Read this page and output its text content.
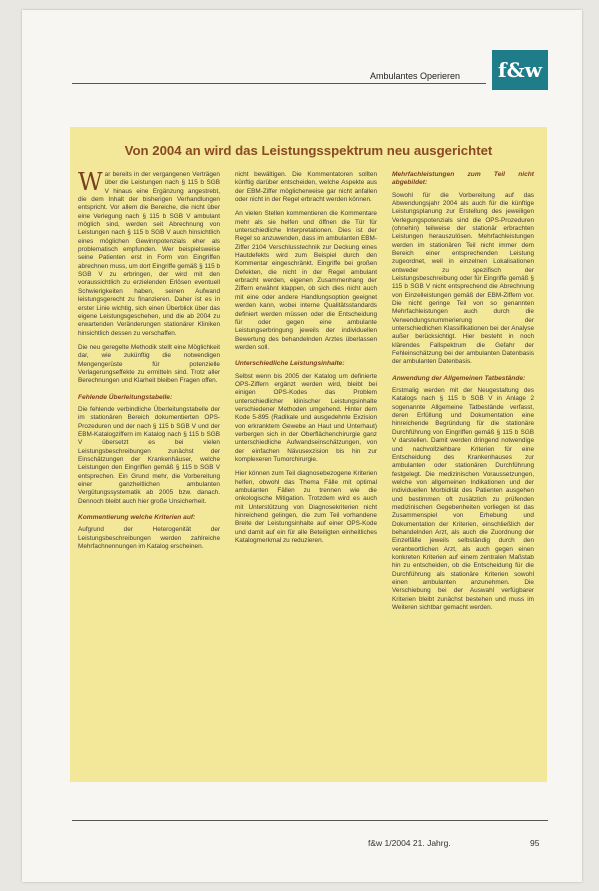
Ambulantes Operieren	f&w
Von 2004 an wird das Leistungsspektrum neu ausgerichtet

War bereits in der vergangenen Verträgen über die Leistungen nach § 115 b SGB V hinaus eine Ergänzung angestrebt, die dem Inhalt der bisherigen Verhandlungen entspricht. Vor allem die Bereiche, die nicht über eine Verlegung nach § 115 b SGB V ambulant möglich sind, werden seit Abrechnung von Leistungen nach § 115 b SGB V auch hinsichtlich eines möglichen Gewinnpotenzials eher als problematisch empfunden. Wer beispielsweise seine Patienten erst in Form von Eingriffen abrechnen muss, um dort Eingriffe gemäß § 115 b SGB V zu erbringen, der wird mit den voraussichtlich zu erzielenden Erlösen eventuell Schwierigkeiten haben, seinen Aufwand leistungsgerecht zu finanzieren. Daher ist es in erster Linie wichtig, sich einen Überblick über das eigene Leistungsgeschehen, und die ab 2004 zu erwartenden Veränderungen stationärer Kliniken hinsichtlich dessen zu verschaffen.

Die neu geregelte Methodik stellt eine Möglichkeit dar, wie zukünftig die notwendigen Mengengerüste für potenzielle Verlagerungseffekte zu ermitteln sind. Trotz aller Berechnungen und Klarheit bleiben Fragen offen.

Fehlende Überleitungstabelle:

Die fehlende verbindliche Überleitungstabelle der im stationären Bereich dokumentierten OPS-Prozeduren und der nach § 115 b SGB V und der EBM-Katalogziffern im Katalog nach § 115 b SGB V übersetzt es bei vielen Leistungsbeschreibungen zunächst der Einschätzungen der Krankenhäuser, welche Leistungen den Eingriffen gemäß § 115 b SGB V entsprechen. Ein Grund mehr, die Vorbereitung einer ganzheitlichen ambulanten Vergütungssystematik ab 2005 bzw. danach. Dennoch bleibt auch hier große Unsicherheit.

Kommentierung welche Kriterien auf:

Aufgrund der Heterogenität der Leistungsbeschreibungen werden zahlreiche Mehrfachnennungen im Katalog erscheinen.

nicht bewältigen. Die Kommentatoren sollten künftig darüber entscheiden, welche Aspekte aus der EBM-Ziffer möglicherweise gar nicht anfallen oder nicht in der Regel erbracht werden können.

An vielen Stellen kommentieren die Kommentare mehr als sie helfen und öffnen die Tür für unterschiedliche Interpretationen. Dies ist der Regel so anzuwenden, dass im ambulanten EBM-Ziffer 2104 Verschlusstechnik zur Deckung eines Hautdefekts wird zum Beispiel durch den Kommentar eingeschränkt. Eingriffe bei großen Defekten, die nicht in der Regel ambulant erbracht werden, eigenen Zusammenhang der Ziffern erwähnt klappen, ob sich dies nicht auch mit eine oder andere Handlungsoption geeignet werden kann, wobei interne Qualitätsstandards definiert werden müssen oder die Entscheidung für oder gegen eine ambulante Leistungserbringung jeweils der individuellen Bewertung des behandelnden Arztes überlassen werden soll.

Unterschiedliche Leistungsinhalte:

Selbst wenn bis 2005 der Katalog um definierte OPS-Ziffern ergänzt werden wird, bleibt bei einigen OPS-Kodes das Problem unterschiedlicher klinischer Leistungsinhalte verschiedener Methoden umgehend. Hinter dem Kode 5-895 (Radikale und ausgedehnte Exzision von erkranktem Gewebe an Haut und Unterhaut) verbergen sich in der Oberflächenchirurgie ganz unterschiedliche Aufwandseinschätzungen, von der einfachen Nävusexzision bis hin zur komplexeren Tumorchirurgie.

Hier können zum Teil diagnosebezogene Kriterien helfen, obwohl das Thema Fälle mit optimal ambulanten Fällen zu trennen wie die onkologische Mitigation. Trotzdem wird es auch mit Unterstützung von Diagnosekriterien nicht hinreichend gelingen, die zum Teil vorhandene Breite der Leistungsinhalte auf einer OPS-Kode und damit auf ein für alle Beteiligten einheitliches Katalogmerkmal zu reduzieren.

Mehrfachleistungen zum Teil nicht abgebildet:

Sowohl für die Vorbereitung auf das Abwendungsjahr 2004 als auch für die künftige Leistungsplanung zur Erstellung des jeweiligen Verlegungspotenzials sind die OPS-Prozeduren (ohnehin) teilweise der stationär erbrachten Leistungen herauszulösen. Mehrfachleistungen werden im stationären Teil nicht immer dem Bereich einer entsprechenden Leistung zugeordnet, weil in einzelnen Lokalisationen entweder zu spezifisch der Leistungsbeschreibung oder für Eingriffe gemäß § 115 b SGB V nicht entsprechend die Abrechnung von Einzelleistungen gemäß der EBM-Ziffern vor. Die nicht geringe Teil von so genannten Mehrfachleistungen auch durch die Verwendungsnummerierung der unterschiedlichen Klassifikationen bei der Analyse außer berücksichtigt. Hier besteht in noch klärendes Fallspektrum die Gefahr der Fehleinschätzung bei der ambulanten Datenbasis der ambulanten Datenbasis.

Anwendung der Allgemeinen Tatbestände:

Erstmalig werden mit der Neugestaltung des Katalogs nach § 115 b SGB V in Anlage 2 sogenannte Allgemeine Tatbestände verfasst, deren Erfüllung und Dokumentation eine hinreichende Begründung für die stationäre Durchführung von Eingriffen gemäß § 115 b SGB V darstellen. Damit werden dringend notwendige und nachvollziehbare Kriterien für eine Entscheidung des Krankenhauses zur ambulanten oder stationären Durchführung festgelegt. Die medizinischen Voraussetzungen, welche von allgemeinen Indikationen und der individuellen Morbidität des Patienten ausgehen und bestimmen oft zusätzlich zu prüfenden medizinischen Gegebenheiten vorliegen ist das Zusammenspiel von Erhebung und Dokumentation der Kriterien, einschließlich der behandelnden Arzt, als auch die Zuordnung der Einzelfälle jeweils selbständig durch den verantwortlichen Arzt, als auch gegen einen konkreten Kriterien auf einem zentralen Maßstab hin zu entscheiden, ob die Entscheidung für die Durchführung als stationäre Kriterien sowohl einen ambulanten anzunehmen. Die Verschiebung bei der Auswahl verfügbarer Kriterien bleibt zunächst bestehen und muss im Weiteren sichtbar gemacht werden.

f&w 1/2004 21. Jahrg.	95
